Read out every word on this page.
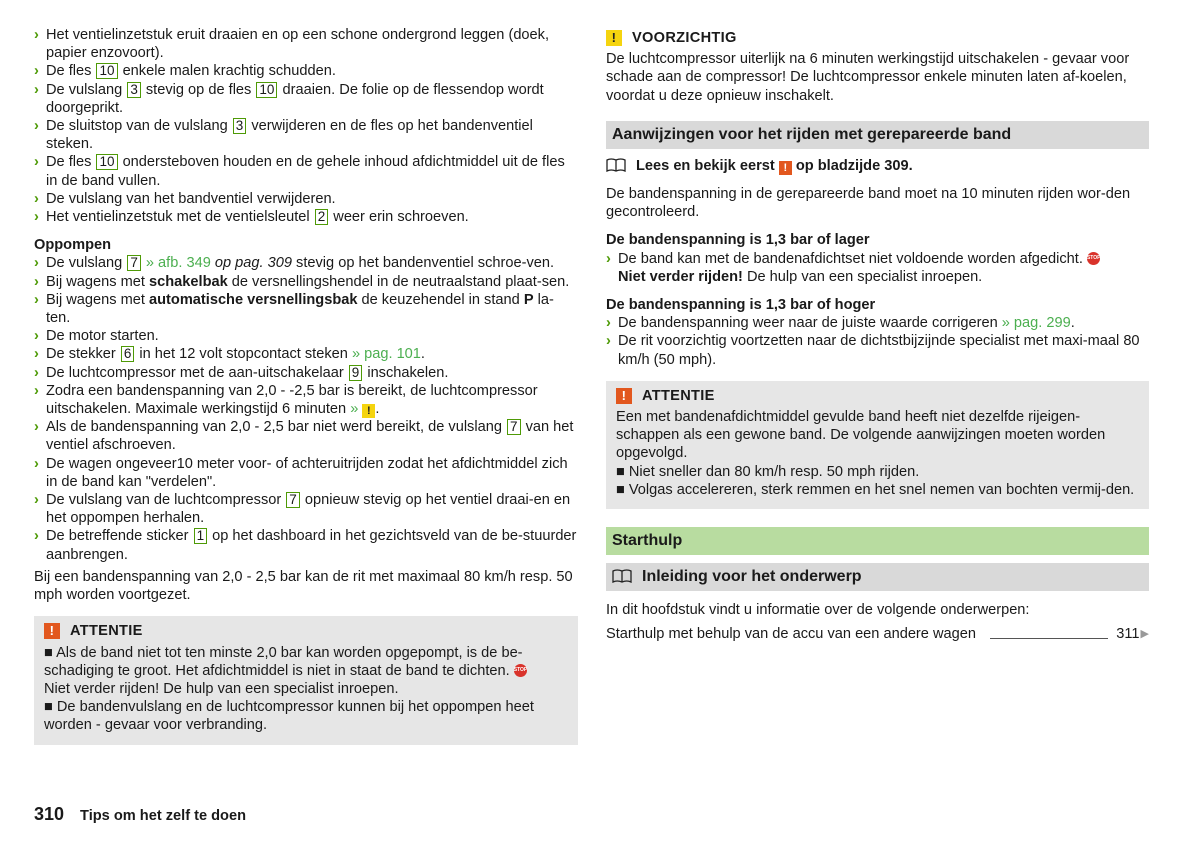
› Het ventielinzetstuk eruit draaien en op een schone ondergrond leggen (doek, papier enzovoort).
› De fles 10 enkele malen krachtig schudden.
› De vulslang 3 stevig op de fles 10 draaien. De folie op de flessendop wordt doorgeprikt.
› De sluitstop van de vulslang 3 verwijderen en de fles op het bandenventiel steken.
› De fles 10 ondersteboven houden en de gehele inhoud afdichtmiddel uit de fles in de band vullen.
› De vulslang van het bandventiel verwijderen.
› Het ventielinzetstuk met de ventielsleutel 2 weer erin schroeven.
Oppompen
› De vulslang 7 » afb. 349 op pag. 309 stevig op het bandenventiel schroe-ven.
› Bij wagens met schakelbak de versnellingshendel in de neutraalstand plaat-sen.
› Bij wagens met automatische versnellingsbak de keuzehendel in stand P la-ten.
› De motor starten.
› De stekker 6 in het 12 volt stopcontact steken » pag. 101.
› De luchtcompressor met de aan-uitschakelaar 9 inschakelen.
› Zodra een bandenspanning van 2,0 - -2,5 bar is bereikt, de luchtcompressor uitschakelen. Maximale werkingstijd 6 minuten » ! .
› Als de bandenspanning van 2,0 - 2,5 bar niet werd bereikt, de vulslang 7 van het ventiel afschroeven.
› De wagen ongeveer10 meter voor- of achteruitrijden zodat het afdichtmiddel zich in de band kan "verdelen".
› De vulslang van de luchtcompressor 7 opnieuw stevig op het ventiel draai-en en het oppompen herhalen.
› De betreffende sticker 1 op het dashboard in het gezichtsveld van de be-stuurder aanbrengen.
Bij een bandenspanning van 2,0 - 2,5 bar kan de rit met maximaal 80 km/h resp. 50 mph worden voortgezet.
!	ATTENTIE
■ Als de band niet tot ten minste 2,0 bar kan worden opgepompt, is de be-schadiging te groot. Het afdichtmiddel is niet in staat de band te dichten. STOP
Niet verder rijden! De hulp van een specialist inroepen.
■ De bandenvulslang en de luchtcompressor kunnen bij het oppompen heet worden - gevaar voor verbranding.
!	VOORZICHTIG
De luchtcompressor uiterlijk na 6 minuten werkingstijd uitschakelen - gevaar voor schade aan de compressor! De luchtcompressor enkele minuten laten af-koelen, voordat u deze opnieuw inschakelt.
Aanwijzingen voor het rijden met gerepareerde band
Lees en bekijk eerst ! op bladzijde 309.
De bandenspanning in de gerepareerde band moet na 10 minuten rijden wor-den gecontroleerd.
De bandenspanning is 1,3 bar of lager
› De band kan met de bandenafdichtset niet voldoende worden afgedicht. STOP
Niet verder rijden! De hulp van een specialist inroepen.
De bandenspanning is 1,3 bar of hoger
› De bandenspanning weer naar de juiste waarde corrigeren » pag. 299.
› De rit voorzichtig voortzetten naar de dichtstbijzijnde specialist met maxi-maal 80 km/h (50 mph).
!	ATTENTIE
Een met bandenafdichtmiddel gevulde band heeft niet dezelfde rijeigen-schappen als een gewone band. De volgende aanwijzingen moeten worden opgevolgd.
■ Niet sneller dan 80 km/h resp. 50 mph rijden.
■ Volgas accelereren, sterk remmen en het snel nemen van bochten vermij-den.
Starthulp
Inleiding voor het onderwerp
In dit hoofdstuk vindt u informatie over de volgende onderwerpen:
Starthulp met behulp van de accu van een andere wagen	311 ▶
310 Tips om het zelf te doen
